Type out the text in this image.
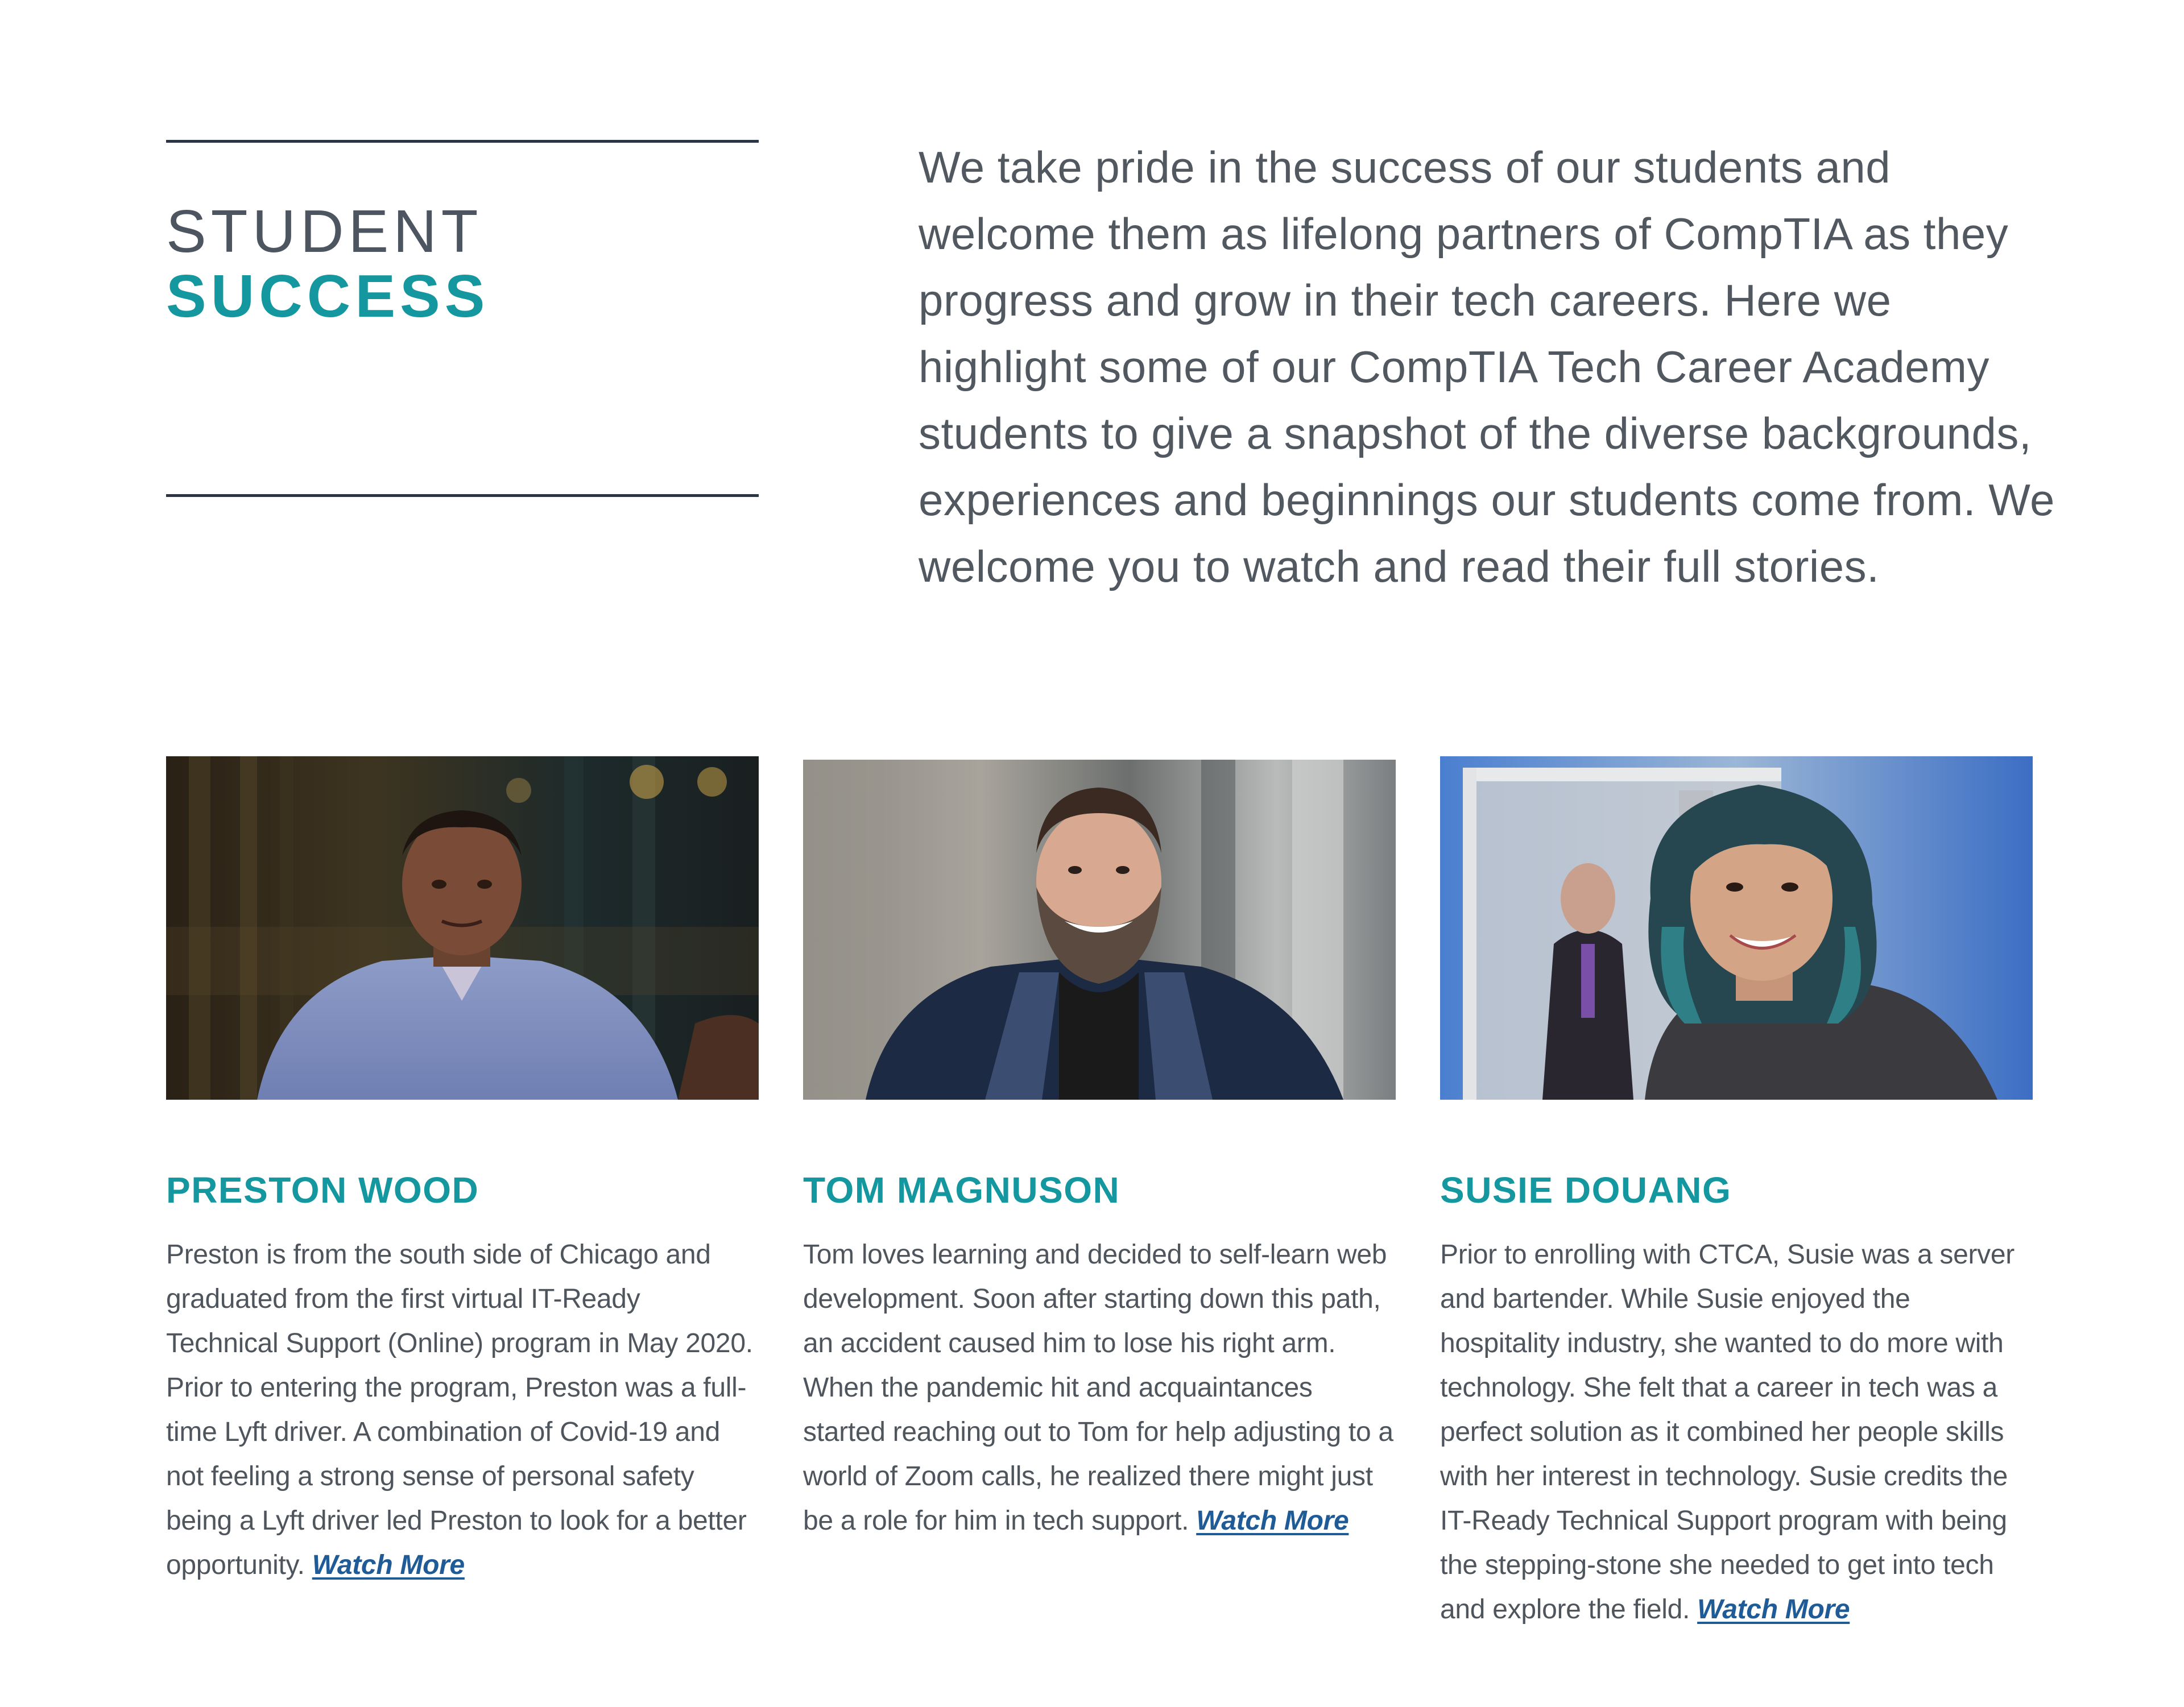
STUDENT
SUCCESS

We take pride in the success of our students and welcome them as lifelong partners of CompTIA as they progress and grow in their tech careers. Here we highlight some of our CompTIA Tech Career Academy students to give a snapshot of the diverse backgrounds, experiences and beginnings our students come from. We welcome you to watch and read their full stories.

PRESTON WOOD

Preston is from the south side of Chicago and graduated from the first virtual IT-Ready Technical Support (Online) program in May 2020. Prior to entering the program, Preston was a full-time Lyft driver. A combination of Covid-19 and not feeling a strong sense of personal safety being a Lyft driver led Preston to look for a better opportunity. Watch More

TOM MAGNUSON

Tom loves learning and decided to self-learn web development. Soon after starting down this path, an accident caused him to lose his right arm. When the pandemic hit and acquaintances started reaching out to Tom for help adjusting to a world of Zoom calls, he realized there might just be a role for him in tech support. Watch More

SUSIE DOUANG

Prior to enrolling with CTCA, Susie was a server and bartender. While Susie enjoyed the hospitality industry, she wanted to do more with technology. She felt that a career in tech was a perfect solution as it combined her people skills with her interest in technology. Susie credits the IT-Ready Technical Support program with being the stepping-stone she needed to get into tech and explore the field. Watch More
